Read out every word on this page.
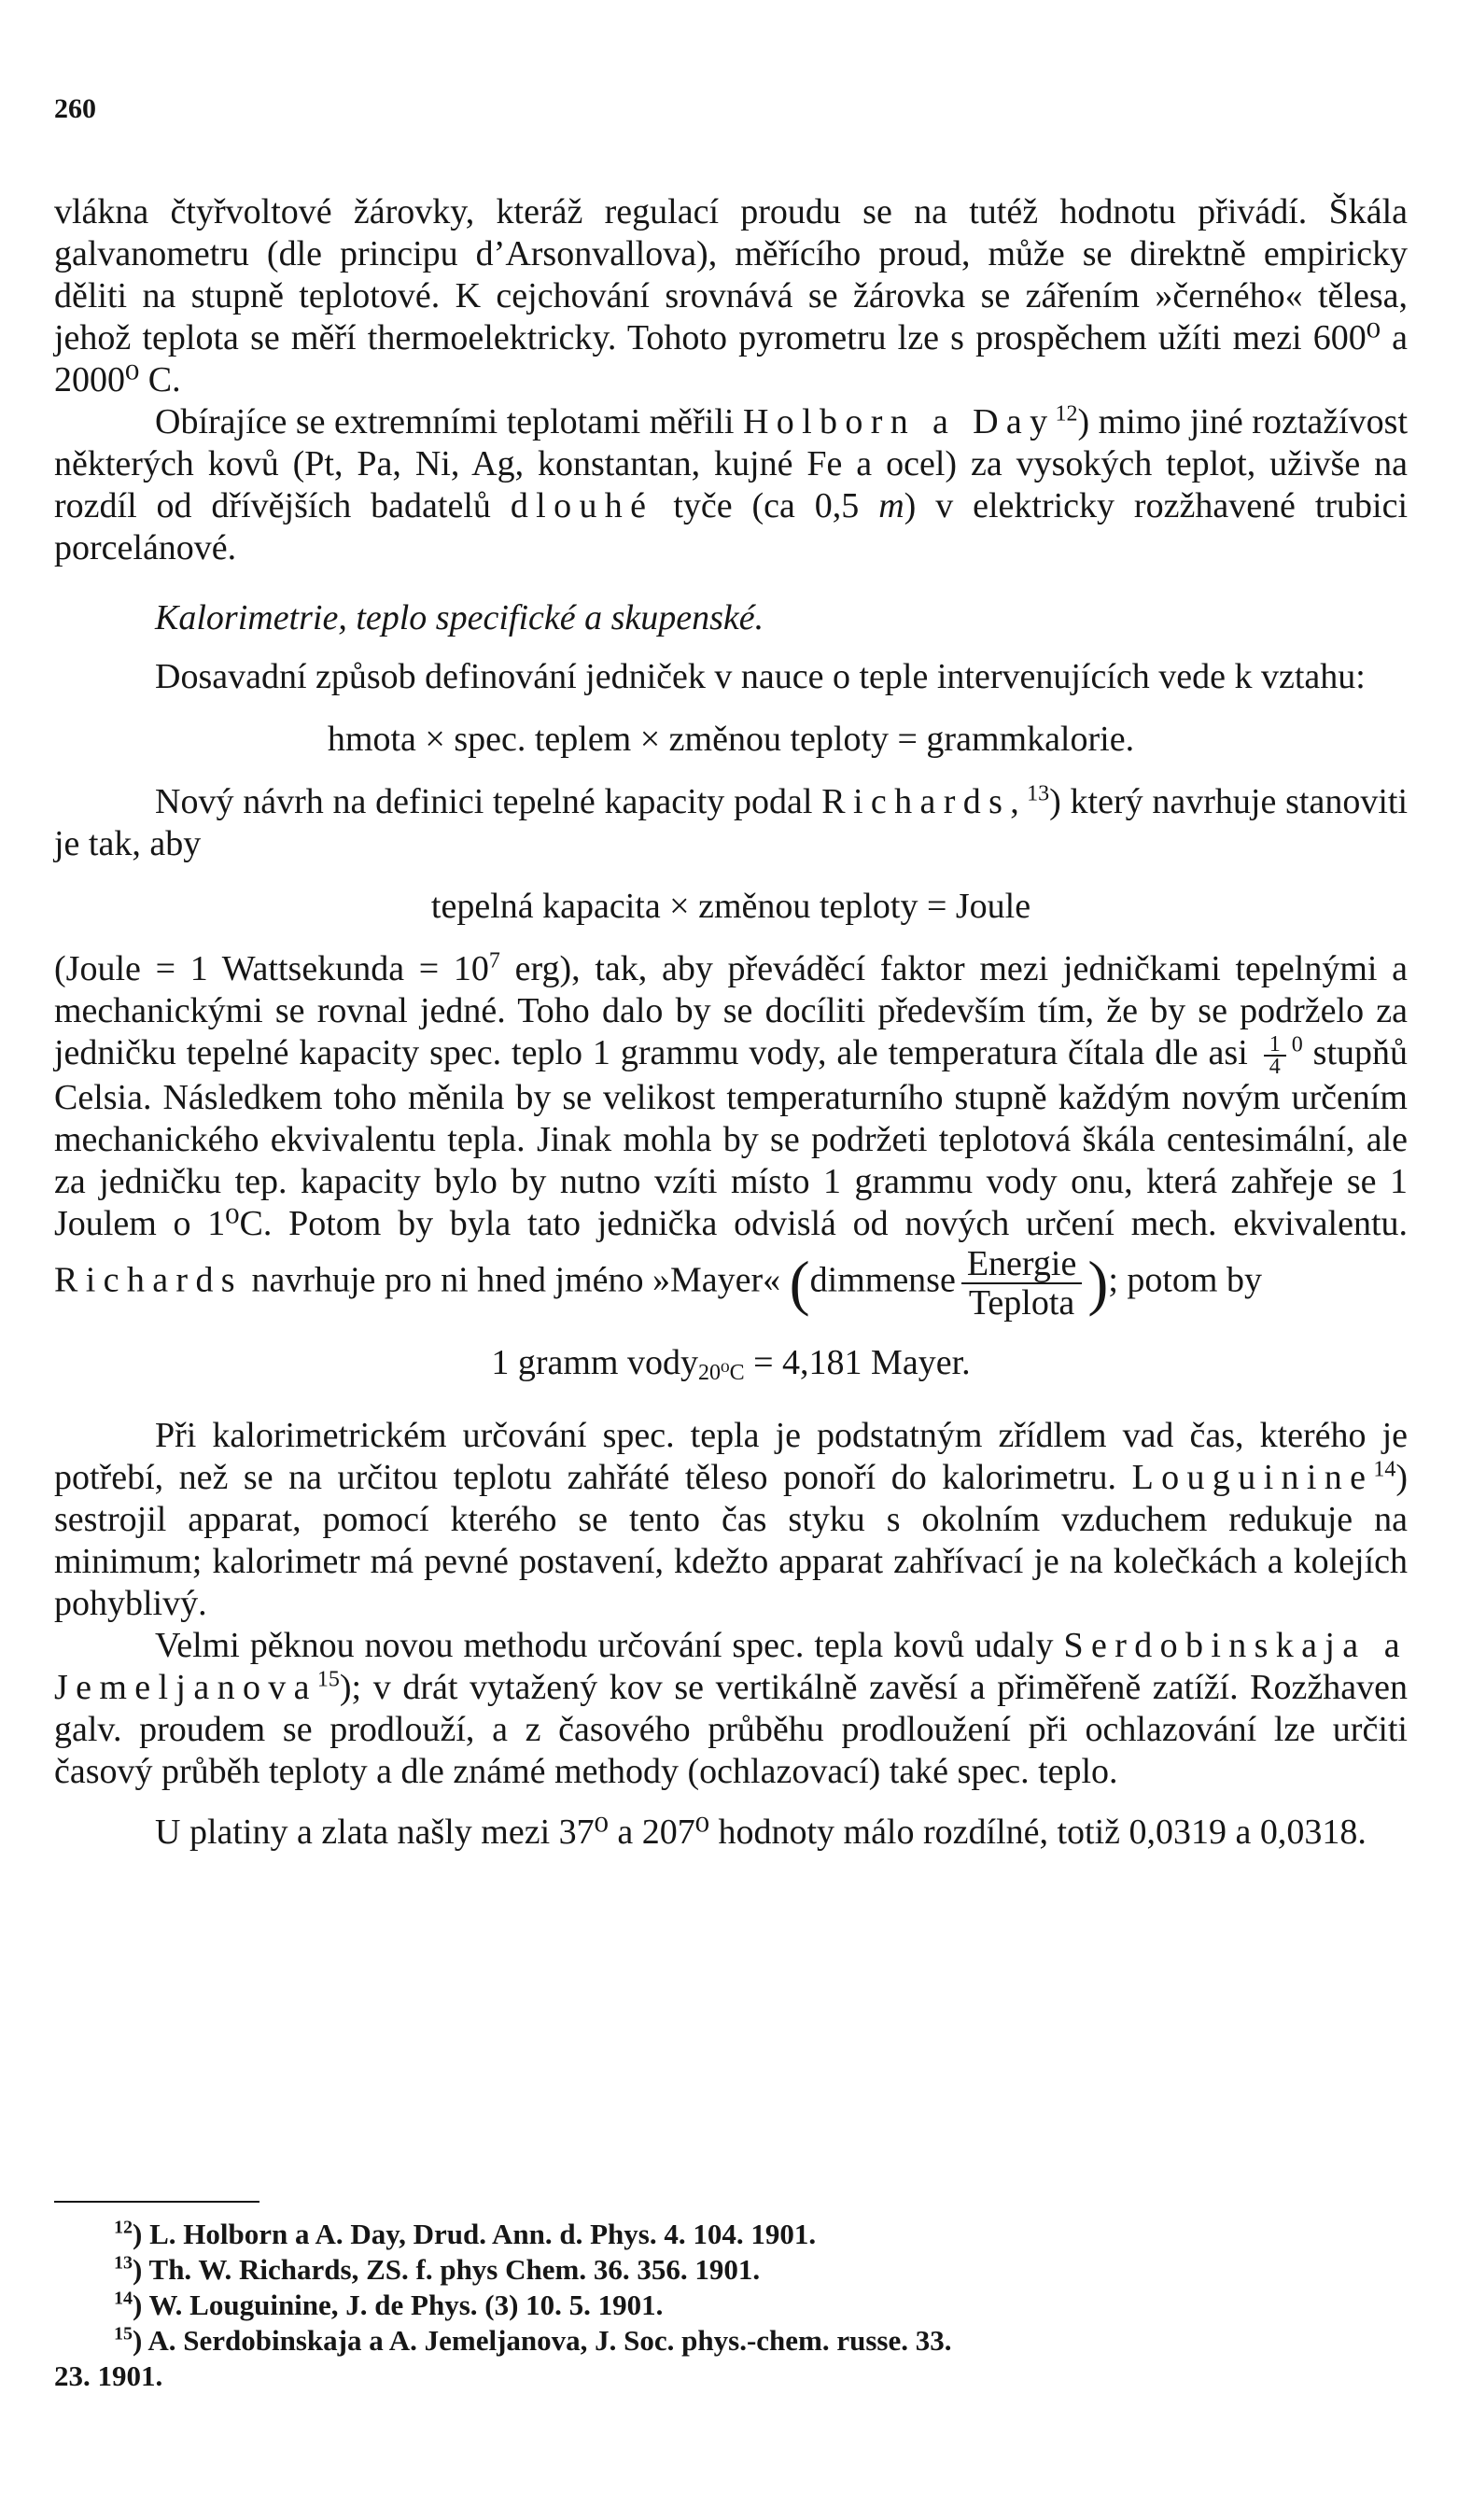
260

vlákna čtyřvoltové žárovky, kteráž regulací proudu se na tutéž hodnotu přivádí. Škála galvanometru (dle principu d’Arsonvallova), měřícího proud, může se direktně empiricky děliti na stupně teplotové. K cejchování srovnává se žárovka se zářením »černého« tělesa, jehož teplota se měří thermoelektricky. Tohoto pyrometru lze s prospěchem užíti mezi 600⁰ a 2000⁰ C.

Obírajíce se extremními teplotami měřili Holborn a Day$^{12}$) mimo jiné roztažívost některých kovů (Pt, Pa, Ni, Ag, konstantan, kujné Fe a ocel) za vysokých teplot, uživše na rozdíl od dřívějších badatelů dlouhé tyče (ca 0,5 m) v elektricky rozžhavené trubici porcelánové.

Kalorimetrie, teplo specifické a skupenské.

Dosavadní způsob definování jedniček v nauce o teple intervenujících vede k vztahu:

hmota × spec. teplem × změnou teploty = grammkalorie.

Nový návrh na definici tepelné kapacity podal Richards,$^{13}$) který navrhuje stanoviti je tak, aby

tepelná kapacita × změnou teploty = Joule

(Joule = 1 Wattsekunda = $10^7$ erg), tak, aby převáděcí faktor mezi jedničkami tepelnými a mechanickými se rovnal jedné. Toho dalo by se docíliti především tím, že by se podrželo za jedničku tepelné kapacity spec. teplo 1 grammu vody, ale temperatura čítala dle asi $\frac{1}{4} ^0$ stupňů Celsia. Následkem toho měnila by se velikost temperaturního stupně každým novým určením mechanického ekvivalentu tepla. Jinak mohla by se podržeti teplotová škála centesimální, ale za jedničku tep. kapacity bylo by nutno vzíti místo 1 grammu vody onu, která zahřeje se 1 Joulem o 1⁰C. Potom by byla tato jednička odvislá od nových určení mech. ekvivalentu. Richards navrhuje pro ni hned jméno »Mayer« (dimmense $\frac{\text{Energie}}{\text{Teplota}}$ ); potom by

1 gramm vody$_{20^0C}$ = 4,181 Mayer.

Při kalorimetrickém určování spec. tepla je podstatným zřídlem vad čas, kterého je potřebí, než se na určitou teplotu zahřáté těleso ponoří do kalorimetru. Louguinine$^{14}$) sestrojil apparat, pomocí kterého se tento čas styku s okolním vzduchem redukuje na minimum; kalorimetr má pevné postavení, kdežto apparat zahřívací je na kolečkách a kolejích pohyblivý.

Velmi pěknou novou methodu určování spec. tepla kovů udaly Serdobinskaja a Jemeljanova$^{15}$); v drát vytažený kov se vertikálně zavěsí a přiměřeně zatíží. Rozžhaven galv. proudem se prodlouží, a z časového průběhu prodloužení při ochlazování lze určiti časový průběh teploty a dle známé methody (ochlazovací) také spec. teplo.

U platiny a zlata našly mezi 37⁰ a 207⁰ hodnoty málo rozdílné, totiž 0,0319 a 0,0318.

$^{12}$) L. Holborn a A. Day, Drud. Ann. d. Phys. 4. 104. 1901.

$^{13}$) Th. W. Richards, ZS. f. phys Chem. 36. 356. 1901.

$^{14}$) W. Louguinine, J. de Phys. (3) 10. 5. 1901.

$^{15}$) A. Serdobinskaja a A. Jemeljanova, J. Soc. phys.-chem. russe. 33.

23. 1901.
